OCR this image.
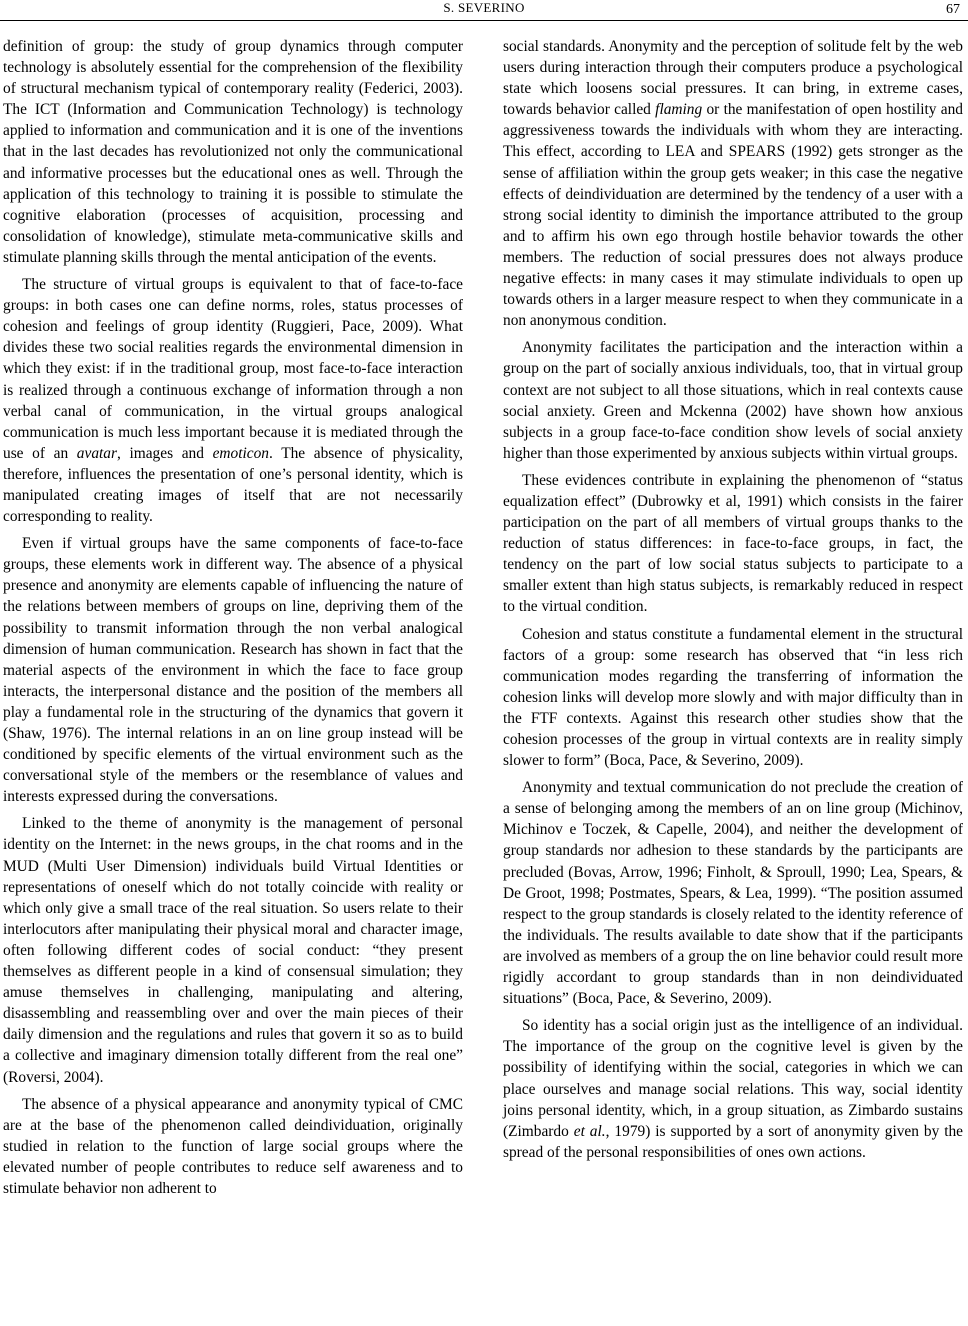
S. SEVERINO	67

definition of group: the study of group dynamics through computer technology is absolutely essential for the comprehension of the flexibility of structural mechanism typical of contemporary reality (Federici, 2003). The ICT (Information and Communication Technology) is technology applied to information and communication and it is one of the inventions that in the last decades has revolutionized not only the communicational and informative processes but the educational ones as well. Through the application of this technology to training it is possible to stimulate the cognitive elaboration (processes of acquisition, processing and consolidation of knowledge), stimulate meta-communicative skills and stimulate planning skills through the mental anticipation of the events.

The structure of virtual groups is equivalent to that of face-to-face groups: in both cases one can define norms, roles, status processes of cohesion and feelings of group identity (Ruggieri, Pace, 2009). What divides these two social realities regards the environmental dimension in which they exist: if in the traditional group, most face-to-face interaction is realized through a continuous exchange of information through a non verbal canal of communication, in the virtual groups analogical communication is much less important because it is mediated through the use of an avatar, images and emoticon. The absence of physicality, therefore, influences the presentation of one’s personal identity, which is manipulated creating images of itself that are not necessarily corresponding to reality.

Even if virtual groups have the same components of face-to-face groups, these elements work in different way. The absence of a physical presence and anonymity are elements capable of influencing the nature of the relations between members of groups on line, depriving them of the possibility to transmit information through the non verbal analogical dimension of human communication. Research has shown in fact that the material aspects of the environment in which the face to face group interacts, the interpersonal distance and the position of the members all play a fundamental role in the structuring of the dynamics that govern it (Shaw, 1976). The internal relations in an on line group instead will be conditioned by specific elements of the virtual environment such as the conversational style of the members or the resemblance of values and interests expressed during the conversations.

Linked to the theme of anonymity is the management of personal identity on the Internet: in the news groups, in the chat rooms and in the MUD (Multi User Dimension) individuals build Virtual Identities or representations of oneself which do not totally coincide with reality or which only give a small trace of the real situation. So users relate to their interlocutors after manipulating their physical moral and character image, often following different codes of social conduct: “they present themselves as different people in a kind of consensual simulation; they amuse themselves in challenging, manipulating and altering, disassembling and reassembling over and over the main pieces of their daily dimension and the regulations and rules that govern it so as to build a collective and imaginary dimension totally different from the real one” (Roversi, 2004).

The absence of a physical appearance and anonymity typical of CMC are at the base of the phenomenon called deindividuation, originally studied in relation to the function of large social groups where the elevated number of people contributes to reduce self awareness and to stimulate behavior non adherent to

social standards. Anonymity and the perception of solitude felt by the web users during interaction through their computers produce a psychological state which loosens social pressures. It can bring, in extreme cases, towards behavior called flaming or the manifestation of open hostility and aggressiveness towards the individuals with whom they are interacting. This effect, according to LEA and SPEARS (1992) gets stronger as the sense of affiliation within the group gets weaker; in this case the negative effects of deindividuation are determined by the tendency of a user with a strong social identity to diminish the importance attributed to the group and to affirm his own ego through hostile behavior towards the other members. The reduction of social pressures does not always produce negative effects: in many cases it may stimulate individuals to open up towards others in a larger measure respect to when they communicate in a non anonymous condition.

Anonymity facilitates the participation and the interaction within a group on the part of socially anxious individuals, too, that in virtual group context are not subject to all those situations, which in real contexts cause social anxiety. Green and Mckenna (2002) have shown how anxious subjects in a group face-to-face condition show levels of social anxiety higher than those experimented by anxious subjects within virtual groups.

These evidences contribute in explaining the phenomenon of “status equalization effect” (Dubrowky et al, 1991) which consists in the fairer participation on the part of all members of virtual groups thanks to the reduction of status differences: in face-to-face groups, in fact, the tendency on the part of low social status subjects to participate to a smaller extent than high status subjects, is remarkably reduced in respect to the virtual condition.

Cohesion and status constitute a fundamental element in the structural factors of a group: some research has observed that “in less rich communication modes regarding the transferring of information the cohesion links will develop more slowly and with major difficulty than in the FTF contexts. Against this research other studies show that the cohesion processes of the group in virtual contexts are in reality simply slower to form” (Boca, Pace, & Severino, 2009).

Anonymity and textual communication do not preclude the creation of a sense of belonging among the members of an on line group (Michinov, Michinov e Toczek, & Capelle, 2004), and neither the development of group standards nor adhesion to these standards by the participants are precluded (Bovas, Arrow, 1996; Finholt, & Sproull, 1990; Lea, Spears, & De Groot, 1998; Postmates, Spears, & Lea, 1999). “The position assumed respect to the group standards is closely related to the identity reference of the individuals. The results available to date show that if the participants are involved as members of a group the on line behavior could result more rigidly accordant to group standards than in non deindividuated situations” (Boca, Pace, & Severino, 2009).

So identity has a social origin just as the intelligence of an individual. The importance of the group on the cognitive level is given by the possibility of identifying within the social, categories in which we can place ourselves and manage social relations. This way, social identity joins personal identity, which, in a group situation, as Zimbardo sustains (Zimbardo et al., 1979) is supported by a sort of anonymity given by the spread of the personal responsibilities of ones own actions.
